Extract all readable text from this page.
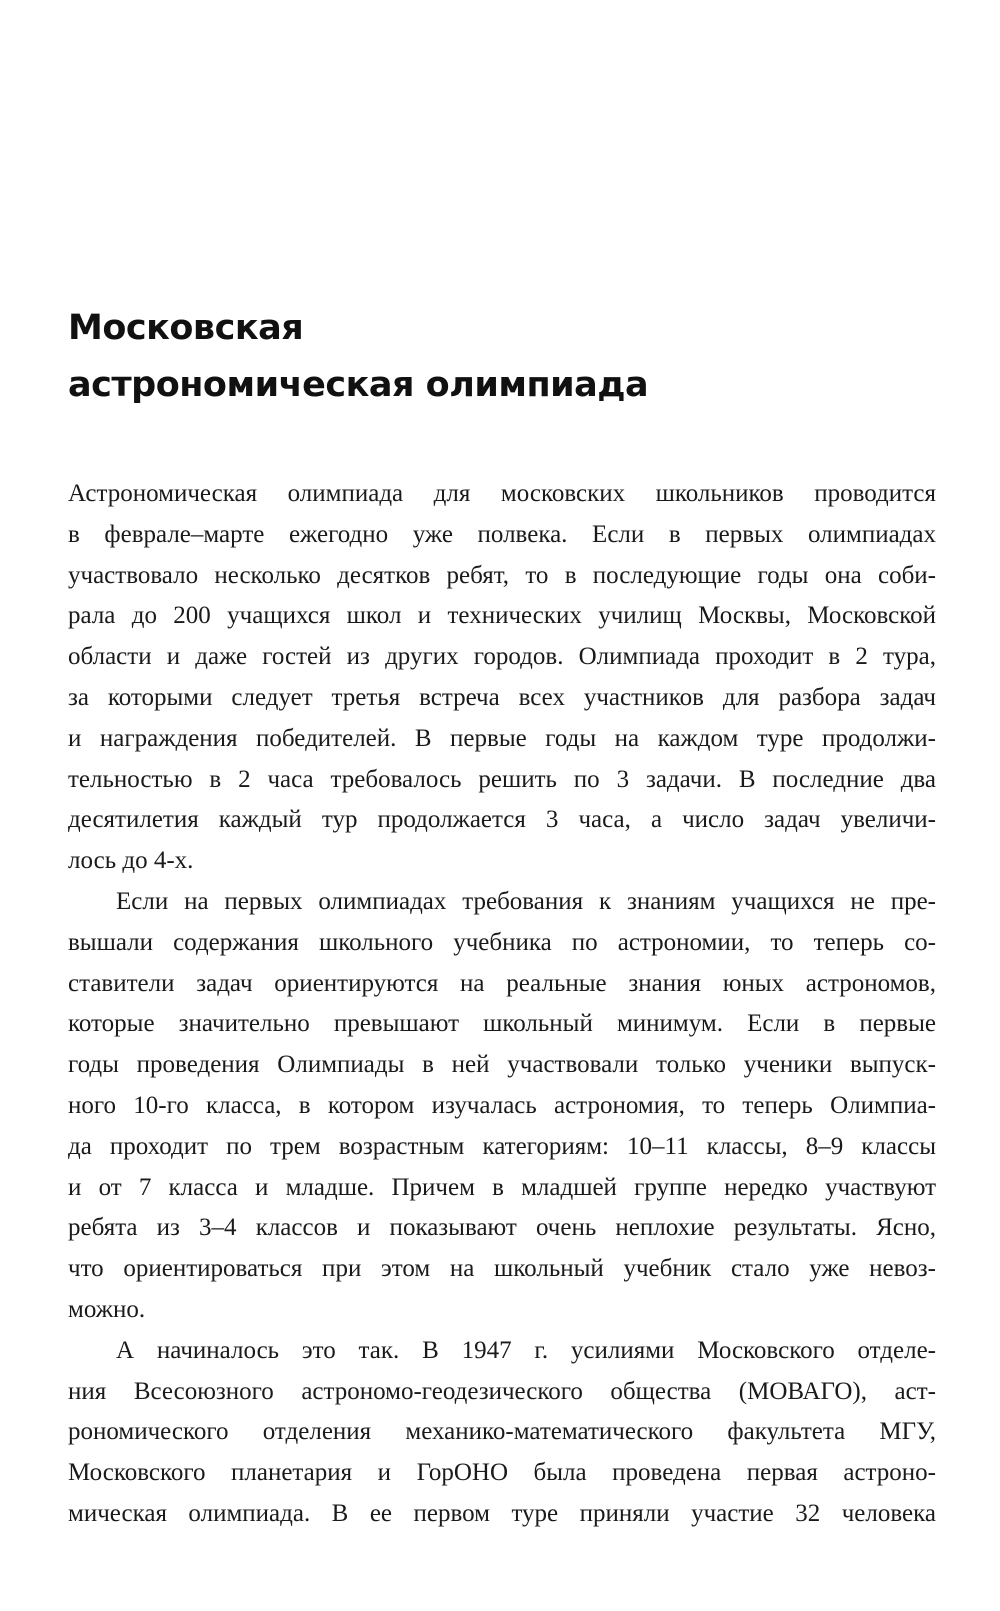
Московская
астрономическая олимпиада
Астрономическая олимпиада для московских школьников проводится
в феврале–марте ежегодно уже полвека. Если в первых олимпиадах
участвовало несколько десятков ребят, то в последующие годы она соби-
рала до 200 учащихся школ и технических училищ Москвы, Московской
области и даже гостей из других городов. Олимпиада проходит в 2 тура,
за которыми следует третья встреча всех участников для разбора задач
и награждения победителей. В первые годы на каждом туре продолжи-
тельностью в 2 часа требовалось решить по 3 задачи. В последние два
десятилетия каждый тур продолжается 3 часа, а число задач увеличи-
лось до 4-х.
Если на первых олимпиадах требования к знаниям учащихся не пре-
вышали содержания школьного учебника по астрономии, то теперь со-
ставители задач ориентируются на реальные знания юных астрономов,
которые значительно превышают школьный минимум. Если в первые
годы проведения Олимпиады в ней участвовали только ученики выпуск-
ного 10-го класса, в котором изучалась астрономия, то теперь Олимпиа-
да проходит по трем возрастным категориям: 10–11 классы, 8–9 классы
и от 7 класса и младше. Причем в младшей группе нередко участвуют
ребята из 3–4 классов и показывают очень неплохие результаты. Ясно,
что ориентироваться при этом на школьный учебник стало уже невоз-
можно.
А начиналось это так. В 1947 г. усилиями Московского отделе-
ния Всесоюзного астрономо-геодезического общества (МОВАГО), аст-
рономического отделения механико-математического факультета МГУ,
Московского планетария и ГорОНО была проведена первая астроно-
мическая олимпиада. В ее первом туре приняли участие 32 человека
